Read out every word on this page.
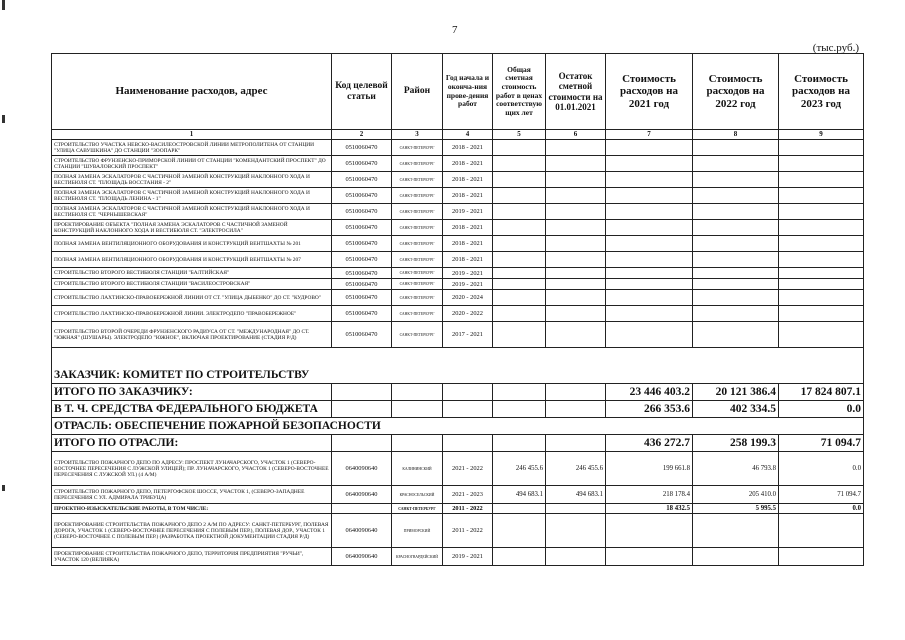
7
(тыс.руб.)
Наименование расходов, адрес	Код целевой статьи	Район	Год начала и оконча-ния прове-дения работ	Общая сметная стоимость работ в ценах соответствую щих лет	Остаток сметной стоимости на 01.01.2021	Стоимость расходов на 2021 год	Стоимость расходов на 2022 год	Стоимость расходов на 2023 год
1	2	3	4	5	6	7	8	9
СТРОИТЕЛЬСТВО УЧАСТКА НЕВСКО-ВАСИЛЕОСТРОВСКОЙ ЛИНИИ МЕТРОПОЛИТЕНА ОТ СТАНЦИИ "УЛИЦА САВУШКИНА" ДО СТАНЦИИ "ЗООПАРК"	0510060470	САНКТ-ПЕТЕРБУРГ	2018 - 2021					
СТРОИТЕЛЬСТВО ФРУНЗЕНСКО-ПРИМОРСКОЙ ЛИНИИ ОТ СТАНЦИИ "КОМЕНДАНТСКИЙ ПРОСПЕКТ" ДО СТАНЦИИ "ШУВАЛОВСКИЙ ПРОСПЕКТ"	0510060470	САНКТ-ПЕТЕРБУРГ	2018 - 2021					
ПОЛНАЯ ЗАМЕНА ЭСКАЛАТОРОВ С ЧАСТИЧНОЙ ЗАМЕНОЙ КОНСТРУКЦИЙ НАКЛОННОГО ХОДА И ВЕСТИБЮЛЯ СТ. "ПЛОЩАДЬ ВОССТАНИЯ - 2"	0510060470	САНКТ-ПЕТЕРБУРГ	2018 - 2021					
ПОЛНАЯ ЗАМЕНА ЭСКАЛАТОРОВ С ЧАСТИЧНОЙ ЗАМЕНОЙ КОНСТРУКЦИЙ НАКЛОННОГО ХОДА И ВЕСТИБЮЛЯ СТ. "ПЛОЩАДЬ ЛЕНИНА - 1"	0510060470	САНКТ-ПЕТЕРБУРГ	2018 - 2021					
ПОЛНАЯ ЗАМЕНА ЭСКАЛАТОРОВ С ЧАСТИЧНОЙ ЗАМЕНОЙ КОНСТРУКЦИЙ НАКЛОННОГО ХОДА И ВЕСТИБЮЛЯ СТ. "ЧЕРНЫШЕВСКАЯ"	0510060470	САНКТ-ПЕТЕРБУРГ	2019 - 2021					
ПРОЕКТИРОВАНИЕ ОБЪЕКТА "ПОЛНАЯ ЗАМЕНА ЭСКАЛАТОРОВ С ЧАСТИЧНОЙ ЗАМЕНОЙ КОНСТРУКЦИЙ НАКЛОННОГО ХОДА И ВЕСТИБЮЛЯ СТ. "ЭЛЕКТРОСИЛА"	0510060470	САНКТ-ПЕТЕРБУРГ	2018 - 2021					
ПОЛНАЯ ЗАМЕНА ВЕНТИЛЯЦИОННОГО ОБОРУДОВАНИЯ И КОНСТРУКЦИЙ ВЕНТШАХТЫ № 201	0510060470	САНКТ-ПЕТЕРБУРГ	2018 - 2021					
ПОЛНАЯ ЗАМЕНА ВЕНТИЛЯЦИОННОГО ОБОРУДОВАНИЯ И КОНСТРУКЦИЙ ВЕНТШАХТЫ № 207	0510060470	САНКТ-ПЕТЕРБУРГ	2018 - 2021					
СТРОИТЕЛЬСТВО ВТОРОГО ВЕСТИБЮЛЯ СТАНЦИИ "БАЛТИЙСКАЯ"	0510060470	САНКТ-ПЕТЕРБУРГ	2019 - 2021					
СТРОИТЕЛЬСТВО ВТОРОГО ВЕСТИБЮЛЯ СТАНЦИИ "ВАСИЛЕОСТРОВСКАЯ"	0510060470	САНКТ-ПЕТЕРБУРГ	2019 - 2021					
СТРОИТЕЛЬСТВО ЛАХТИНСКО-ПРАВОБЕРЕЖНОЙ ЛИНИИ ОТ СТ. "УЛИЦА ДЫБЕНКО" ДО СТ. "КУДРОВО"	0510060470	САНКТ-ПЕТЕРБУРГ	2020 - 2024					
СТРОИТЕЛЬСТВО ЛАХТИНСКО-ПРАВОБЕРЕЖНОЙ ЛИНИИ. ЭЛЕКТРОДЕПО "ПРАВОБЕРЕЖНОЕ"	0510060470	САНКТ-ПЕТЕРБУРГ	2020 - 2022					
СТРОИТЕЛЬСТВО ВТОРОЙ ОЧЕРЕДИ ФРУНЗЕНСКОГО РАДИУСА ОТ СТ. "МЕЖДУНАРОДНАЯ" ДО СТ. "ЮЖНАЯ" (ШУШАРЫ). ЭЛЕКТРОДЕПО "ЮЖНОЕ", ВКЛЮЧАЯ ПРОЕКТИРОВАНИЕ (СТАДИЯ Р/Д)	0510060470	САНКТ-ПЕТЕРБУРГ	2017 - 2021					
ЗАКАЗЧИК: КОМИТЕТ ПО СТРОИТЕЛЬСТВУ								
ИТОГО ПО ЗАКАЗЧИКУ:						23 446 403.2	20 121 386.4	17 824 807.1
В Т. Ч. СРЕДСТВА ФЕДЕРАЛЬНОГО БЮДЖЕТА						266 353.6	402 334.5	0.0
ОТРАСЛЬ: ОБЕСПЕЧЕНИЕ ПОЖАРНОЙ БЕЗОПАСНОСТИ								
ИТОГО ПО ОТРАСЛИ:						436 272.7	258 199.3	71 094.7
СТРОИТЕЛЬСТВО ПОЖАРНОГО ДЕПО ПО АДРЕСУ: ПРОСПЕКТ ЛУНАЧАРСКОГО, УЧАСТОК 1 (СЕВЕРО-ВОСТОЧНЕЕ ПЕРЕСЕЧЕНИЯ С ЛУЖСКОЙ УЛИЦЕЙ); ПР. ЛУНАЧАРСКОГО, УЧАСТОК 1 (СЕВЕРО-ВОСТОЧНЕЕ ПЕРЕСЕЧЕНИЯ С ЛУЖСКОЙ УЛ.) (4 А/М)	0640090640	КАЛИНИНСКИЙ	2021 - 2022	246 455.6	246 455.6	199 661.8	46 793.8	0.0
СТРОИТЕЛЬСТВО ПОЖАРНОГО ДЕПО, ПЕТЕРГОФСКОЕ ШОССЕ, УЧАСТОК 1, (СЕВЕРО-ЗАПАДНЕЕ ПЕРЕСЕЧЕНИЯ С УЛ. АДМИРАЛА ТРИБУЦА)	0640090640	КРАСНОСЕЛЬСКИЙ	2021 - 2023	494 683.1	494 683.1	218 178.4	205 410.0	71 094.7
ПРОЕКТНО-ИЗЫСКАТЕЛЬСКИЕ РАБОТЫ, В ТОМ ЧИСЛЕ:		САНКТ-ПЕТЕРБУРГ	2011 - 2022			18 432.5	5 995.5	0.0
ПРОЕКТИРОВАНИЕ СТРОИТЕЛЬСТВА ПОЖАРНОГО ДЕПО 2 А/М ПО АДРЕСУ: САНКТ-ПЕТЕРБУРГ, ПОЛЕВАЯ ДОРОГА, УЧАСТОК 1 (СЕВЕРО-ВОСТОЧНЕЕ ПЕРЕСЕЧЕНИЯ С ПОЛЕВЫМ ПЕР.), ПОЛЕВАЯ ДОР., УЧАСТОК 1 (СЕВЕРО-ВОСТОЧНЕЕ С ПОЛЕВЫМ ПЕР.) (РАЗРАБОТКА ПРОЕКТНОЙ ДОКУМЕНТАЦИИ СТАДИЯ Р/Д)	0640090640	ПРИМОРСКИЙ	2011 - 2022					
ПРОЕКТИРОВАНИЕ СТРОИТЕЛЬСТВА ПОЖАРНОГО ДЕПО, ТЕРРИТОРИЯ ПРЕДПРИЯТИЯ "РУЧЬИ", УЧАСТОК 120 (ВЕЛИЯКА)	0640090640	КРАСНОГВАРДЕЙСКИЙ	2019 - 2021					
